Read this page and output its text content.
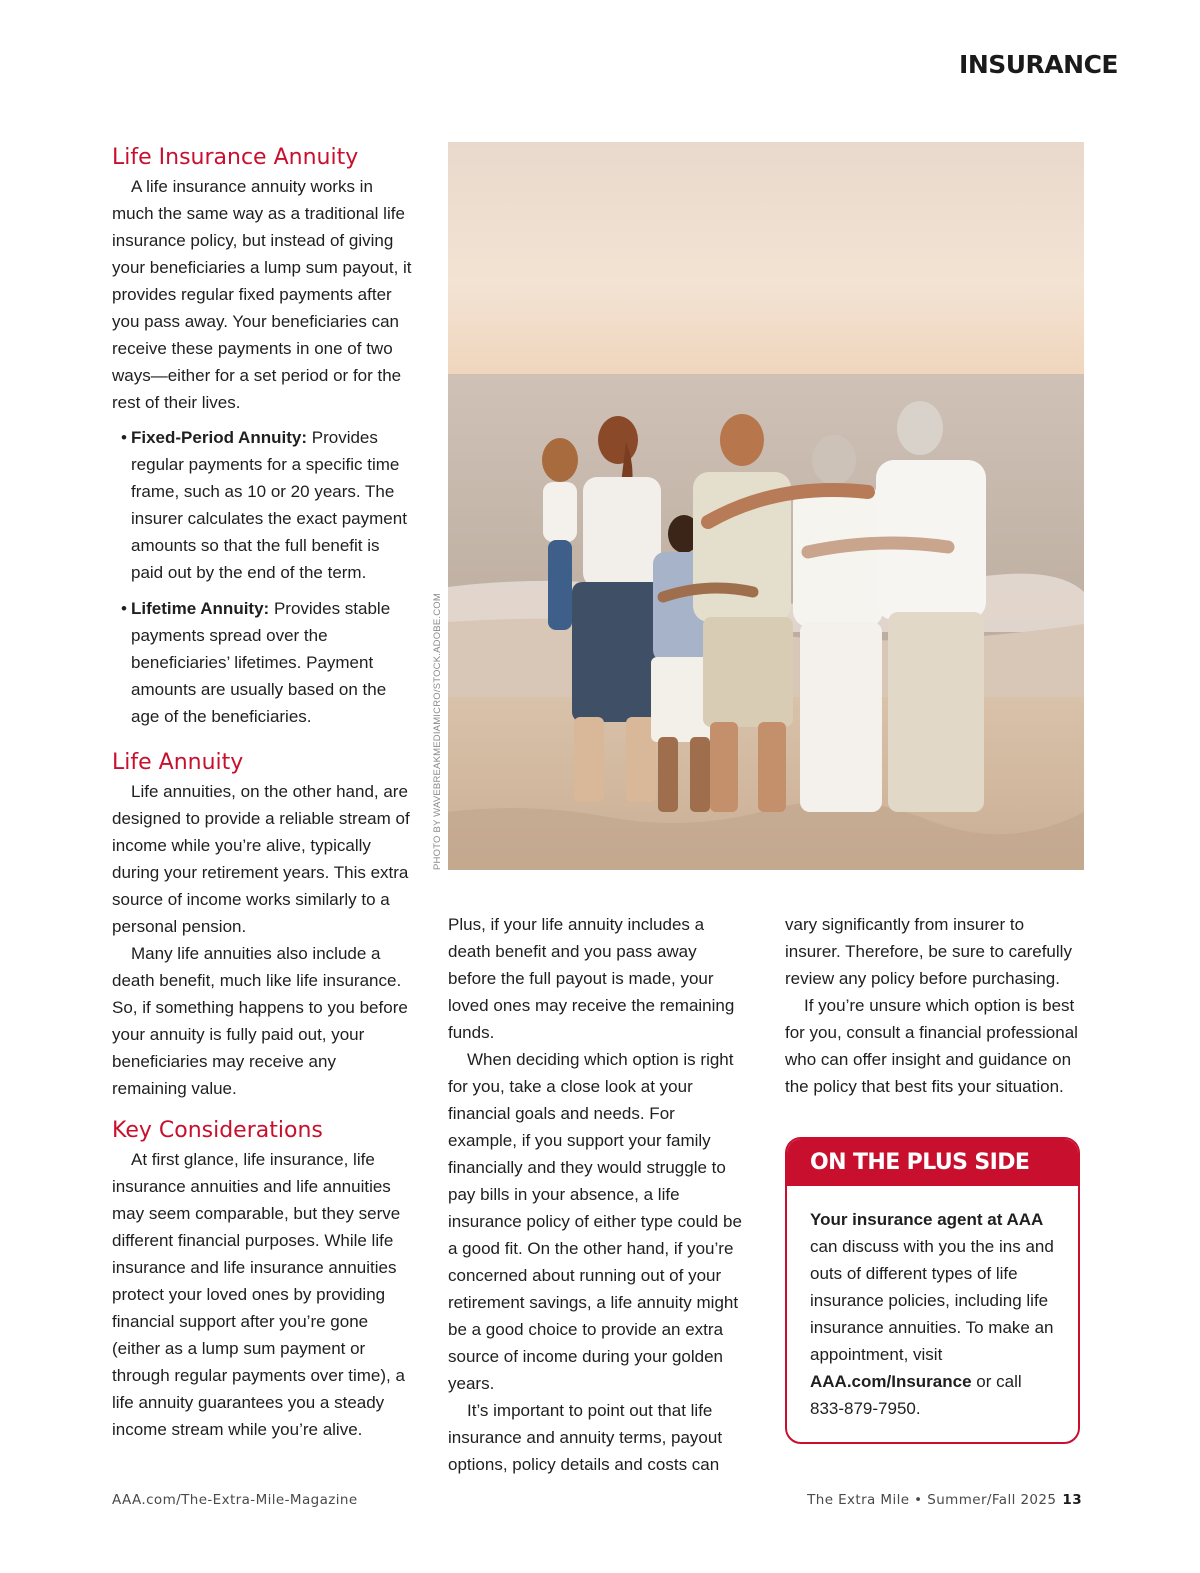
INSURANCE
Life Insurance Annuity

A life insurance annuity works in much the same way as a traditional life insurance policy, but instead of giving your beneficiaries a lump sum payout, it provides regular fixed payments after you pass away. Your beneficiaries can receive these payments in one of two ways—either for a set period or for the rest of their lives.

• Fixed-Period Annuity: Provides regular payments for a specific time frame, such as 10 or 20 years. The insurer calculates the exact payment amounts so that the full benefit is paid out by the end of the term.
• Lifetime Annuity: Provides stable payments spread over the beneficiaries’ lifetimes. Payment amounts are usually based on the age of the beneficiaries.
Life Annuity

Life annuities, on the other hand, are designed to provide a reliable stream of income while you’re alive, typically during your retirement years. This extra source of income works similarly to a personal pension.

Many life annuities also include a death benefit, much like life insurance. So, if something happens to you before your annuity is fully paid out, your beneficiaries may receive any remaining value.

Key Considerations

At first glance, life insurance, life insurance annuities and life annuities may seem comparable, but they serve different financial purposes. While life insurance and life insurance annuities protect your loved ones by providing financial support after you’re gone (either as a lump sum payment or through regular payments over time), a life annuity guarantees you a steady income stream while you’re alive.

PHOTO BY WAVEBREAKMEDIAMICRO/STOCK.ADOBE.COM

Plus, if your life annuity includes a death benefit and you pass away before the full payout is made, your loved ones may receive the remaining funds.

When deciding which option is right for you, take a close look at your financial goals and needs. For example, if you support your family financially and they would struggle to pay bills in your absence, a life insurance policy of either type could be a good fit. On the other hand, if you’re concerned about running out of your retirement savings, a life annuity might be a good choice to provide an extra source of income during your golden years.

It’s important to point out that life insurance and annuity terms, payout options, policy details and costs can

vary significantly from insurer to insurer. Therefore, be sure to carefully review any policy before purchasing.

If you’re unsure which option is best for you, consult a financial professional who can offer insight and guidance on the policy that best fits your situation.

ON THE PLUS SIDE
Your insurance agent at AAA can discuss with you the ins and outs of different types of life insurance policies, including life insurance annuities. To make an appointment, visit AAA.com/Insurance or call 833-879-7950.
AAA.com/The-Extra-Mile-Magazine	The Extra Mile • Summer/Fall 2025 13
